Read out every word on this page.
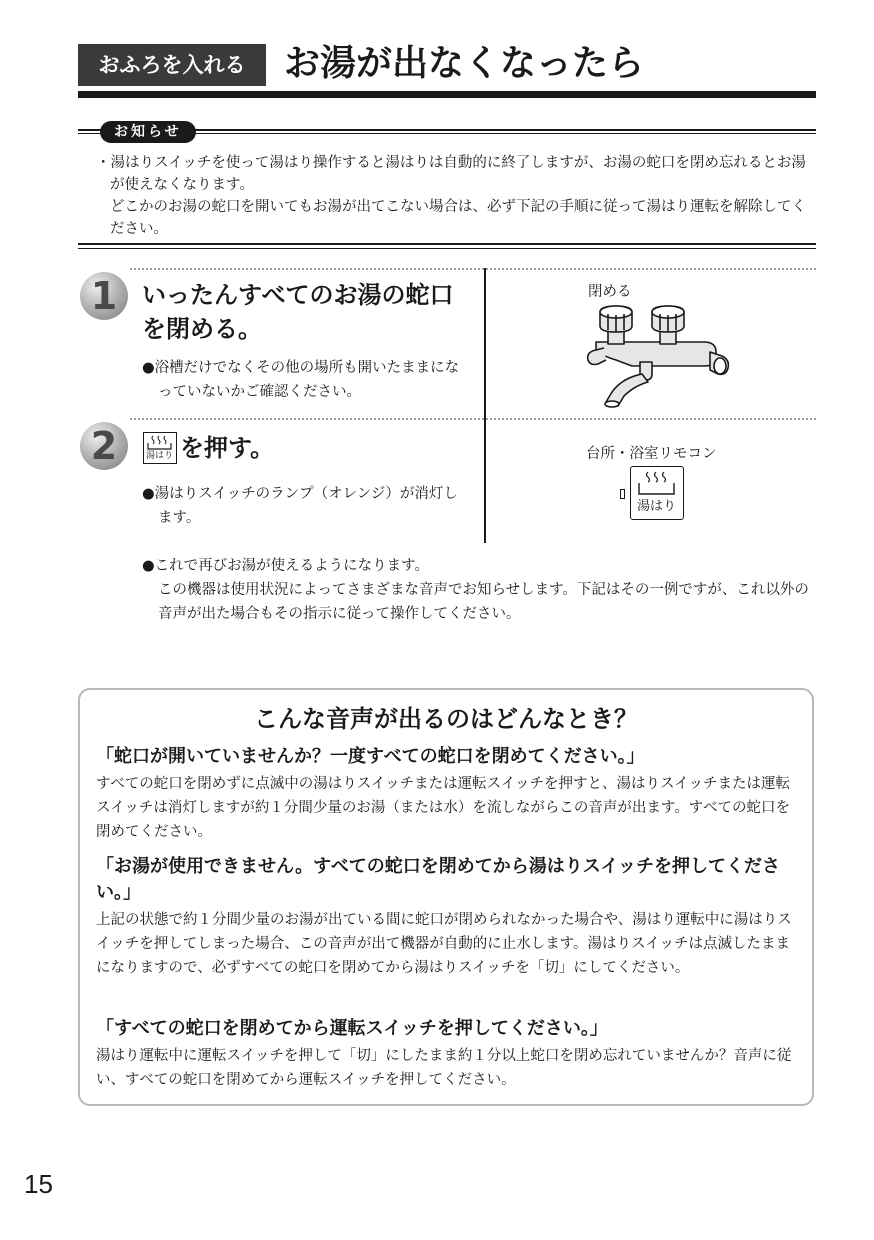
おふろを入れる	お湯が出なくなったら
お知らせ

・湯はりスイッチを使って湯はり操作すると湯はりは自動的に終了しますが、お湯の蛇口を閉め忘れるとお湯が使えなくなります。

どこかのお湯の蛇口を開いてもお湯が出てこない場合は、必ず下記の手順に従って湯はり運転を解除してください。

1	いったんすべてのお湯の蛇口を閉める。

●浴槽だけでなくその他の場所も開いたままになっていないかご確認ください。

閉める
2	湯はり を押す。

●湯はりスイッチのランプ（オレンジ）が消灯します。

台所・浴室リモコン
湯はり

●これで再びお湯が使えるようになります。

この機器は使用状況によってさまざまな音声でお知らせします。下記はその一例ですが、これ以外の音声が出た場合もその指示に従って操作してください。

こんな音声が出るのはどんなとき？
「蛇口が開いていませんか？一度すべての蛇口を閉めてください。」
すべての蛇口を閉めずに点滅中の湯はりスイッチまたは運転スイッチを押すと、湯はりスイッチまたは運転スイッチは消灯しますが約１分間少量のお湯（または水）を流しながらこの音声が出ます。すべての蛇口を閉めてください。
「お湯が使用できません。すべての蛇口を閉めてから湯はりスイッチを押してください。」
上記の状態で約１分間少量のお湯が出ている間に蛇口が閉められなかった場合や、湯はり運転中に湯はりスイッチを押してしまった場合、この音声が出て機器が自動的に止水します。湯はりスイッチは点滅したままになりますので、必ずすべての蛇口を閉めてから湯はりスイッチを「切」にしてください。
「すべての蛇口を閉めてから運転スイッチを押してください。」
湯はり運転中に運転スイッチを押して「切」にしたまま約１分以上蛇口を閉め忘れていませんか？音声に従い、すべての蛇口を閉めてから運転スイッチを押してください。
15
